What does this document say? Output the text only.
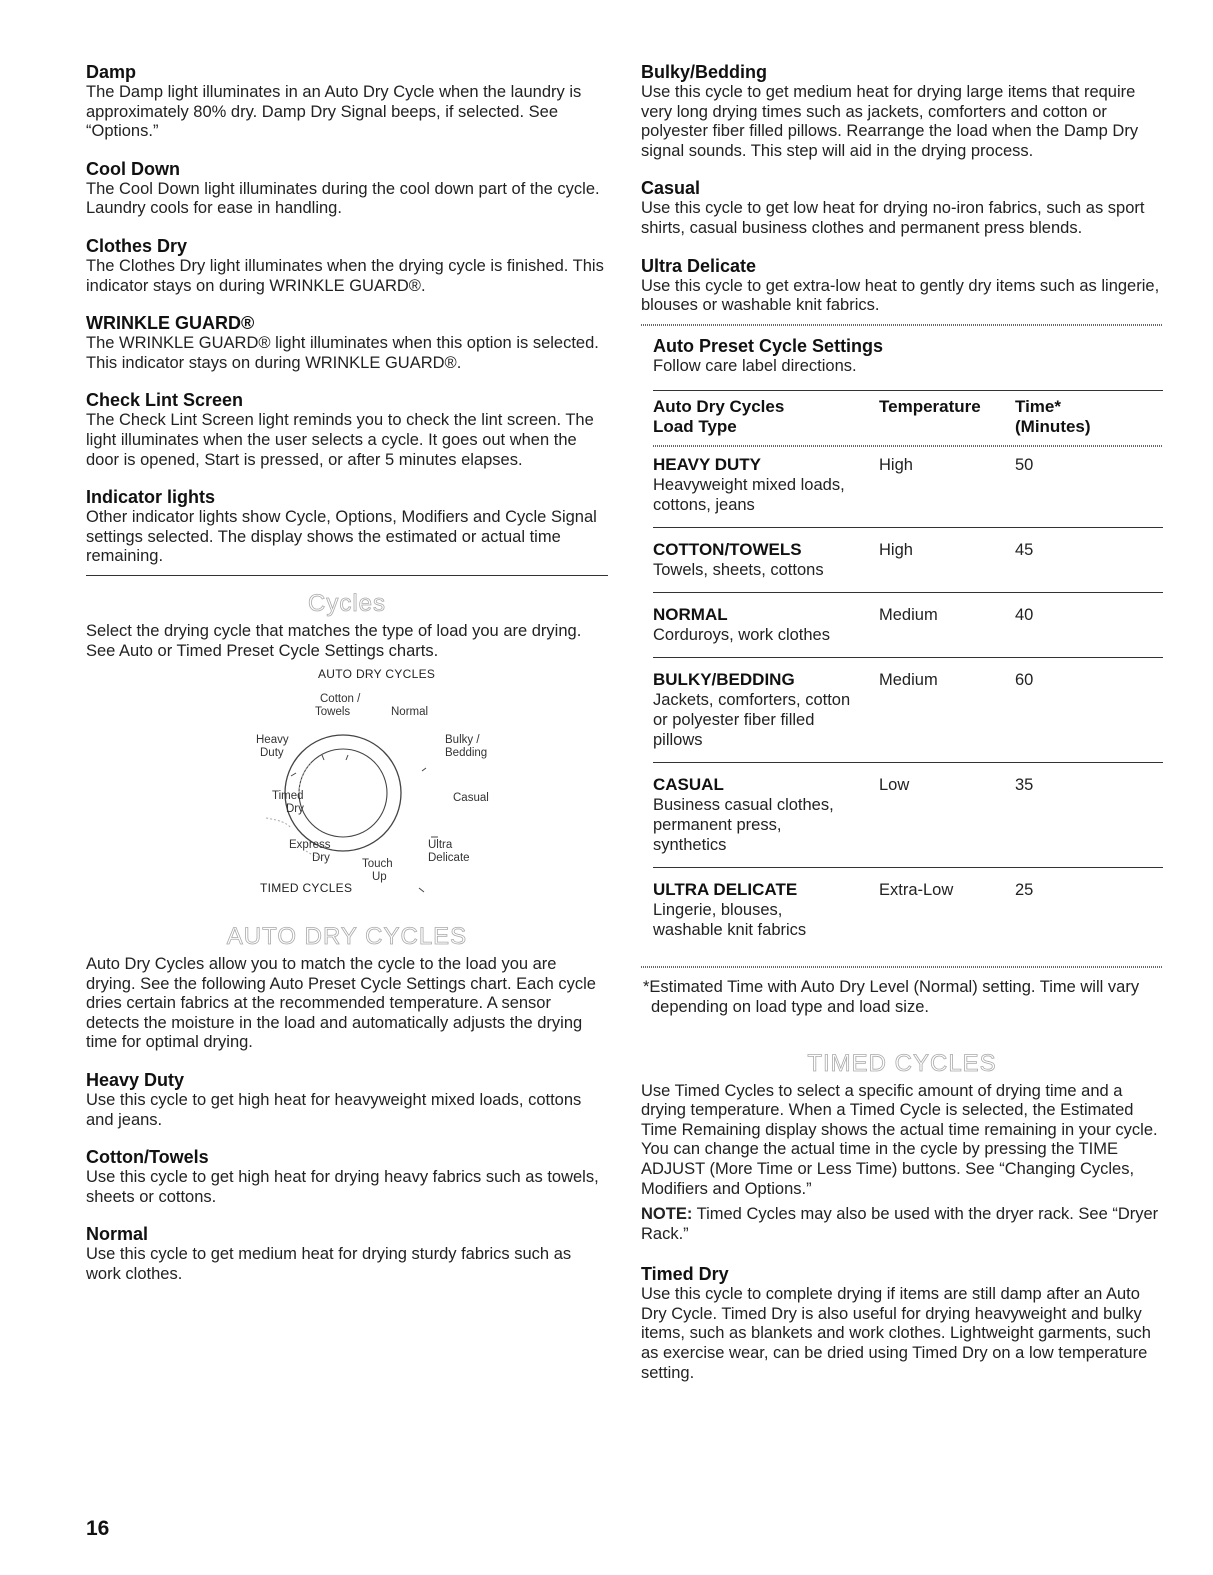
Damp

The Damp light illuminates in an Auto Dry Cycle when the laundry is approximately 80% dry. Damp Dry Signal beeps, if selected. See “Options.”

Cool Down

The Cool Down light illuminates during the cool down part of the cycle. Laundry cools for ease in handling.

Clothes Dry

The Clothes Dry light illuminates when the drying cycle is finished. This indicator stays on during WRINKLE GUARD®.

WRINKLE GUARD®

The WRINKLE GUARD® light illuminates when this option is selected. This indicator stays on during WRINKLE GUARD®.

Check Lint Screen

The Check Lint Screen light reminds you to check the lint screen. The light illuminates when the user selects a cycle. It goes out when the door is opened, Start is pressed, or after 5 minutes elapses.

Indicator lights

Other indicator lights show Cycle, Options, Modifiers and Cycle Signal settings selected. The display shows the estimated or actual time remaining.

Cycles

Select the drying cycle that matches the type of load you are drying. See Auto or Timed Preset Cycle Settings charts.

AUTO DRY CYCLES
Cotton /
Towels	Normal
Heavy
Duty
Bulky /
Bedding
Timed
Dry
Casual
Express
Dry	Touch
Up
Ultra
Delicate
TIMED CYCLES
AUTO DRY CYCLES

Auto Dry Cycles allow you to match the cycle to the load you are drying. See the following Auto Preset Cycle Settings chart. Each cycle dries certain fabrics at the recommended temperature. A sensor detects the moisture in the load and automatically adjusts the drying time for optimal drying.

Heavy Duty

Use this cycle to get high heat for heavyweight mixed loads, cottons and jeans.

Cotton/Towels

Use this cycle to get high heat for drying heavy fabrics such as towels, sheets or cottons.

Normal

Use this cycle to get medium heat for drying sturdy fabrics such as work clothes.

Bulky/Bedding

Use this cycle to get medium heat for drying large items that require very long drying times such as jackets, comforters and cotton or polyester fiber filled pillows. Rearrange the load when the Damp Dry signal sounds. This step will aid in the drying process.

Casual

Use this cycle to get low heat for drying no-iron fabrics, such as sport shirts, casual business clothes and permanent press blends.

Ultra Delicate

Use this cycle to get extra-low heat to gently dry items such as lingerie, blouses or washable knit fabrics.

Auto Preset Cycle Settings

Follow care label directions.

Auto Dry Cycles
Load Type

Temperature	Time*
(Minutes)
HEAVY DUTY
Heavyweight mixed loads, cottons, jeans

High	50
COTTON/TOWELS
Towels, sheets, cottons

High	45
NORMAL
Corduroys, work clothes

Medium	40
BULKY/BEDDING
Jackets, comforters, cotton or polyester fiber filled pillows

Medium	60
CASUAL
Business casual clothes, permanent press, synthetics

Low	35
ULTRA DELICATE
Lingerie, blouses, washable knit fabrics

Extra-Low	25

*Estimated Time with Auto Dry Level (Normal) setting. Time will vary depending on load type and load size.

TIMED CYCLES

Use Timed Cycles to select a specific amount of drying time and a drying temperature. When a Timed Cycle is selected, the Estimated Time Remaining display shows the actual time remaining in your cycle. You can change the actual time in the cycle by pressing the TIME ADJUST (More Time or Less Time) buttons. See “Changing Cycles, Modifiers and Options.”

NOTE: Timed Cycles may also be used with the dryer rack. See “Dryer Rack.”

Timed Dry

Use this cycle to complete drying if items are still damp after an Auto Dry Cycle. Timed Dry is also useful for drying heavyweight and bulky items, such as blankets and work clothes. Lightweight garments, such as exercise wear, can be dried using Timed Dry on a low temperature setting.

16
